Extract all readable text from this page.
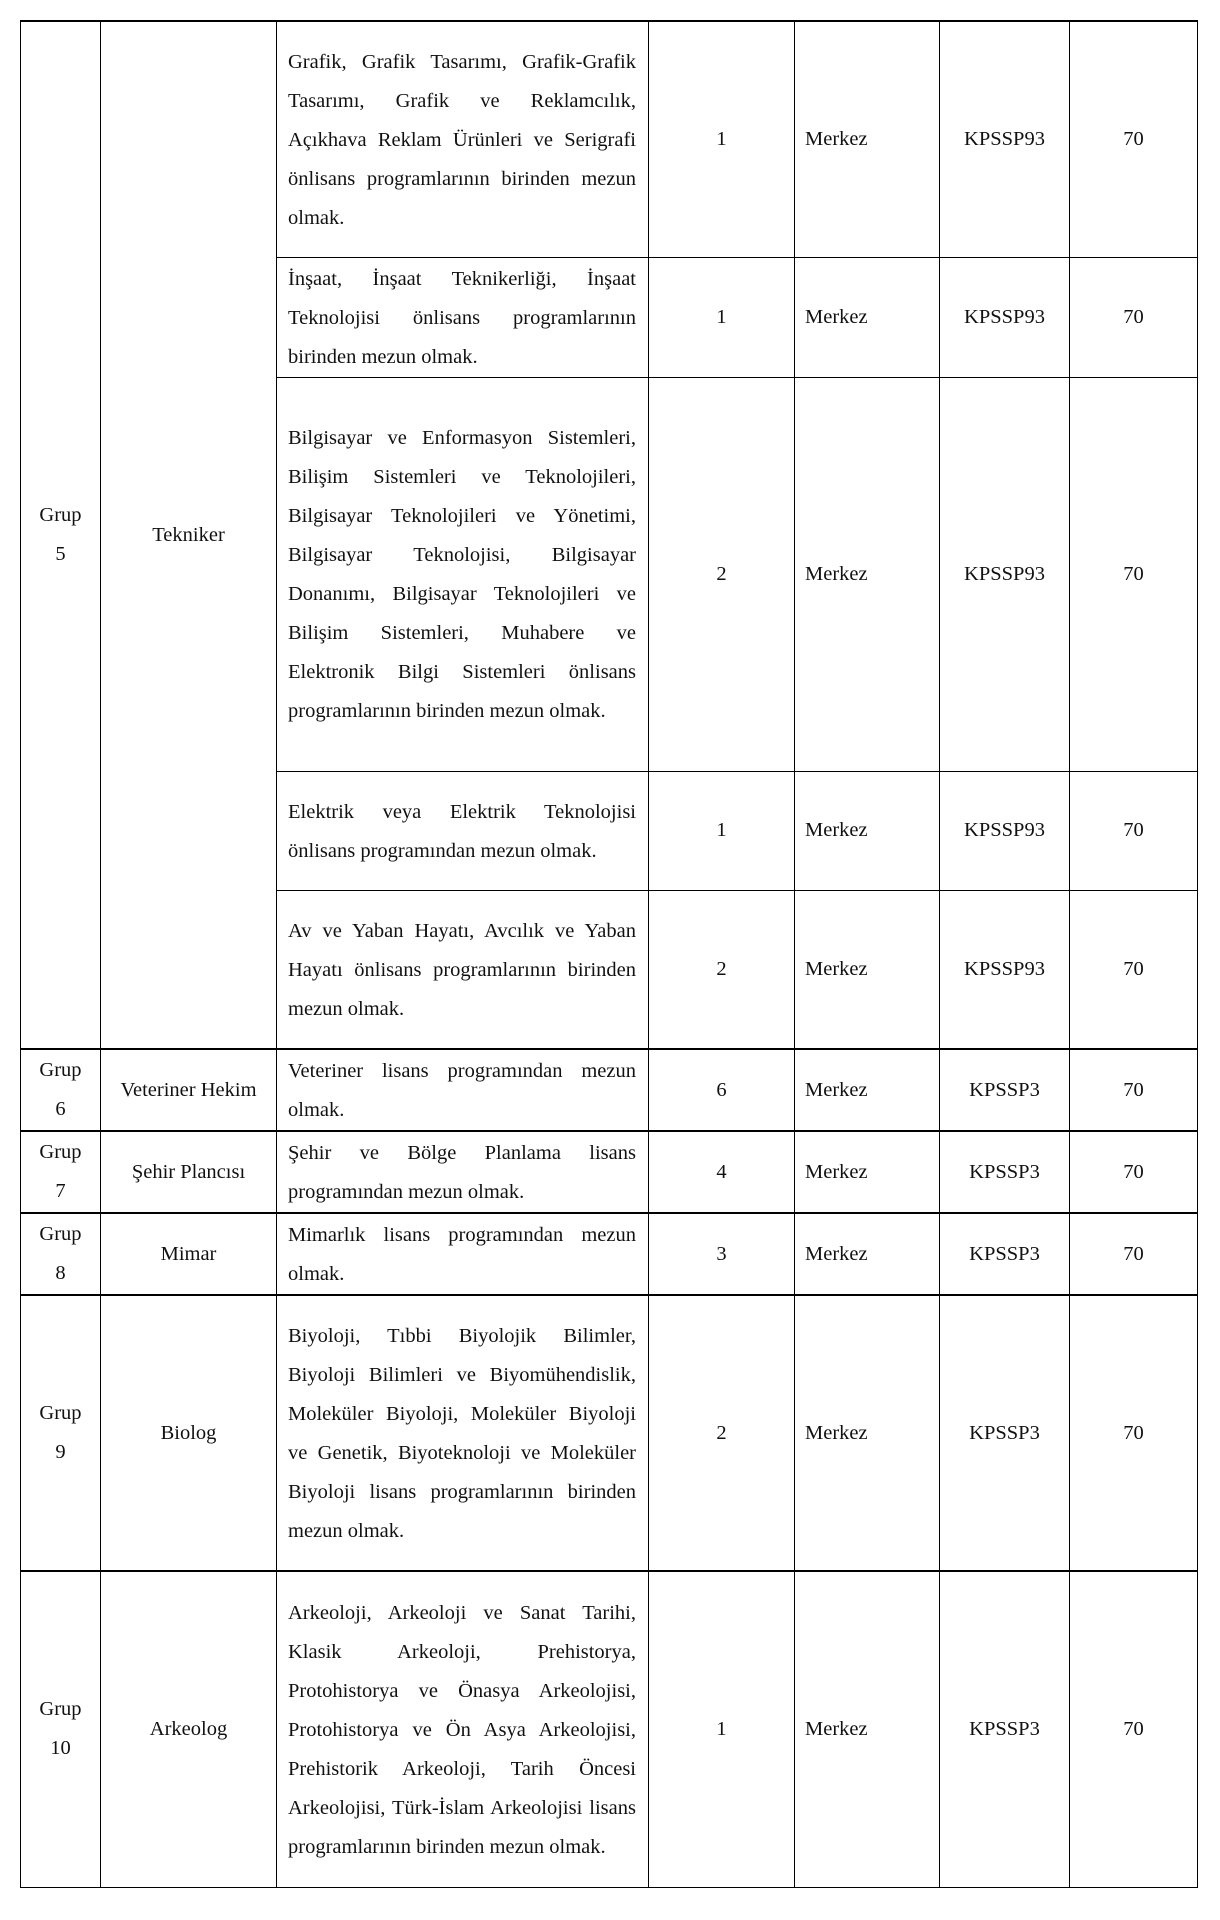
Grup 5	Tekniker	Grafik, Grafik Tasarımı, Grafik-Grafik Tasarımı, Grafik ve Reklamcılık, Açıkhava Reklam Ürünleri ve Serigrafi önlisans programlarının birinden mezun olmak.	1	Merkez	KPSSP93	70
		İnşaat, İnşaat Teknikerliği, İnşaat Teknolojisi önlisans programlarının birinden mezun olmak.	1	Merkez	KPSSP93	70
		Bilgisayar ve Enformasyon Sistemleri, Bilişim Sistemleri ve Teknolojileri, Bilgisayar Teknolojileri ve Yönetimi, Bilgisayar Teknolojisi, Bilgisayar Donanımı, Bilgisayar Teknolojileri ve Bilişim Sistemleri, Muhabere ve Elektronik Bilgi Sistemleri önlisans programlarının birinden mezun olmak.	2	Merkez	KPSSP93	70
		Elektrik veya Elektrik Teknolojisi önlisans programından mezun olmak.	1	Merkez	KPSSP93	70
		Av ve Yaban Hayatı, Avcılık ve Yaban Hayatı önlisans programlarının birinden mezun olmak.	2	Merkez	KPSSP93	70
Grup 6	Veteriner Hekim	Veteriner lisans programından mezun olmak.	6	Merkez	KPSSP3	70
Grup 7	Şehir Plancısı	Şehir ve Bölge Planlama lisans programından mezun olmak.	4	Merkez	KPSSP3	70
Grup 8	Mimar	Mimarlık lisans programından mezun olmak.	3	Merkez	KPSSP3	70
Grup 9	Biolog	Biyoloji, Tıbbi Biyolojik Bilimler, Biyoloji Bilimleri ve Biyomühendislik, Moleküler Biyoloji, Moleküler Biyoloji ve Genetik, Biyoteknoloji ve Moleküler Biyoloji lisans programlarının birinden mezun olmak.	2	Merkez	KPSSP3	70
Grup 10	Arkeolog	Arkeoloji, Arkeoloji ve Sanat Tarihi, Klasik Arkeoloji, Prehistorya, Protohistorya ve Önasya Arkeolojisi, Protohistorya ve Ön Asya Arkeolojisi, Prehistorik Arkeoloji, Tarih Öncesi Arkeolojisi, Türk-İslam Arkeolojisi lisans programlarının birinden mezun olmak.	1	Merkez	KPSSP3	70
